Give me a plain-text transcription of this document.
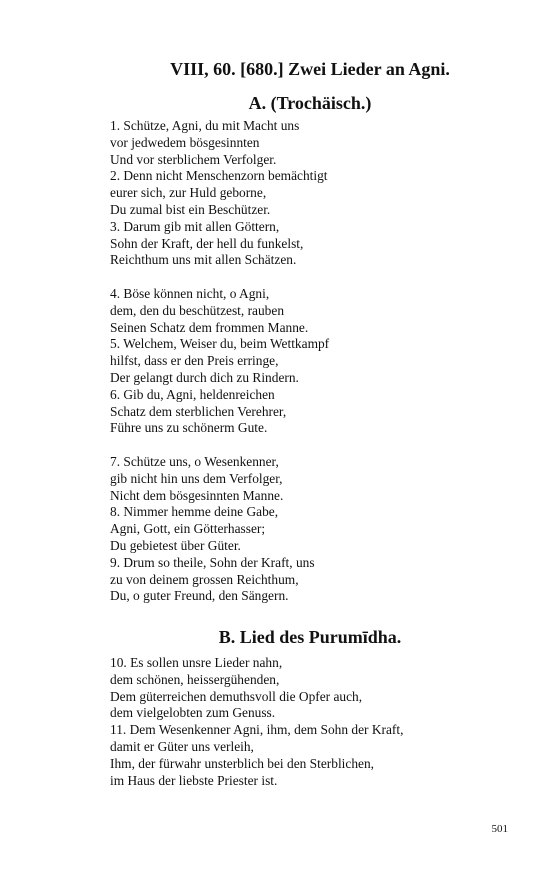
VIII, 60. [680.] Zwei Lieder an Agni.
A. (Trochäisch.)
1. Schütze, Agni, du mit Macht uns
vor jedwedem bösgesinnten
Und vor sterblichem Verfolger.
2. Denn nicht Menschenzorn bemächtigt
eurer sich, zur Huld geborne,
Du zumal bist ein Beschützer.
3. Darum gib mit allen Göttern,
Sohn der Kraft, der hell du funkelst,
Reichthum uns mit allen Schätzen.
4. Böse können nicht, o Agni,
dem, den du beschützest, rauben
Seinen Schatz dem frommen Manne.
5. Welchem, Weiser du, beim Wettkampf
hilfst, dass er den Preis erringe,
Der gelangt durch dich zu Rindern.
6. Gib du, Agni, heldenreichen
Schatz dem sterblichen Verehrer,
Führe uns zu schönerm Gute.
7. Schütze uns, o Wesenkenner,
gib nicht hin uns dem Verfolger,
Nicht dem bösgesinnten Manne.
8. Nimmer hemme deine Gabe,
Agni, Gott, ein Götterhasser;
Du gebietest über Güter.
9. Drum so theile, Sohn der Kraft, uns
zu von deinem grossen Reichthum,
Du, o guter Freund, den Sängern.
B. Lied des Purumīdha.
10. Es sollen unsre Lieder nahn,
dem schönen, heissergühenden,
Dem güterreichen demuthsvoll die Opfer auch,
dem vielgelobten zum Genuss.
11. Dem Wesenkenner Agni, ihm, dem Sohn der Kraft,
damit er Güter uns verleih,
Ihm, der fürwahr unsterblich bei den Sterblichen,
im Haus der liebste Priester ist.
501
